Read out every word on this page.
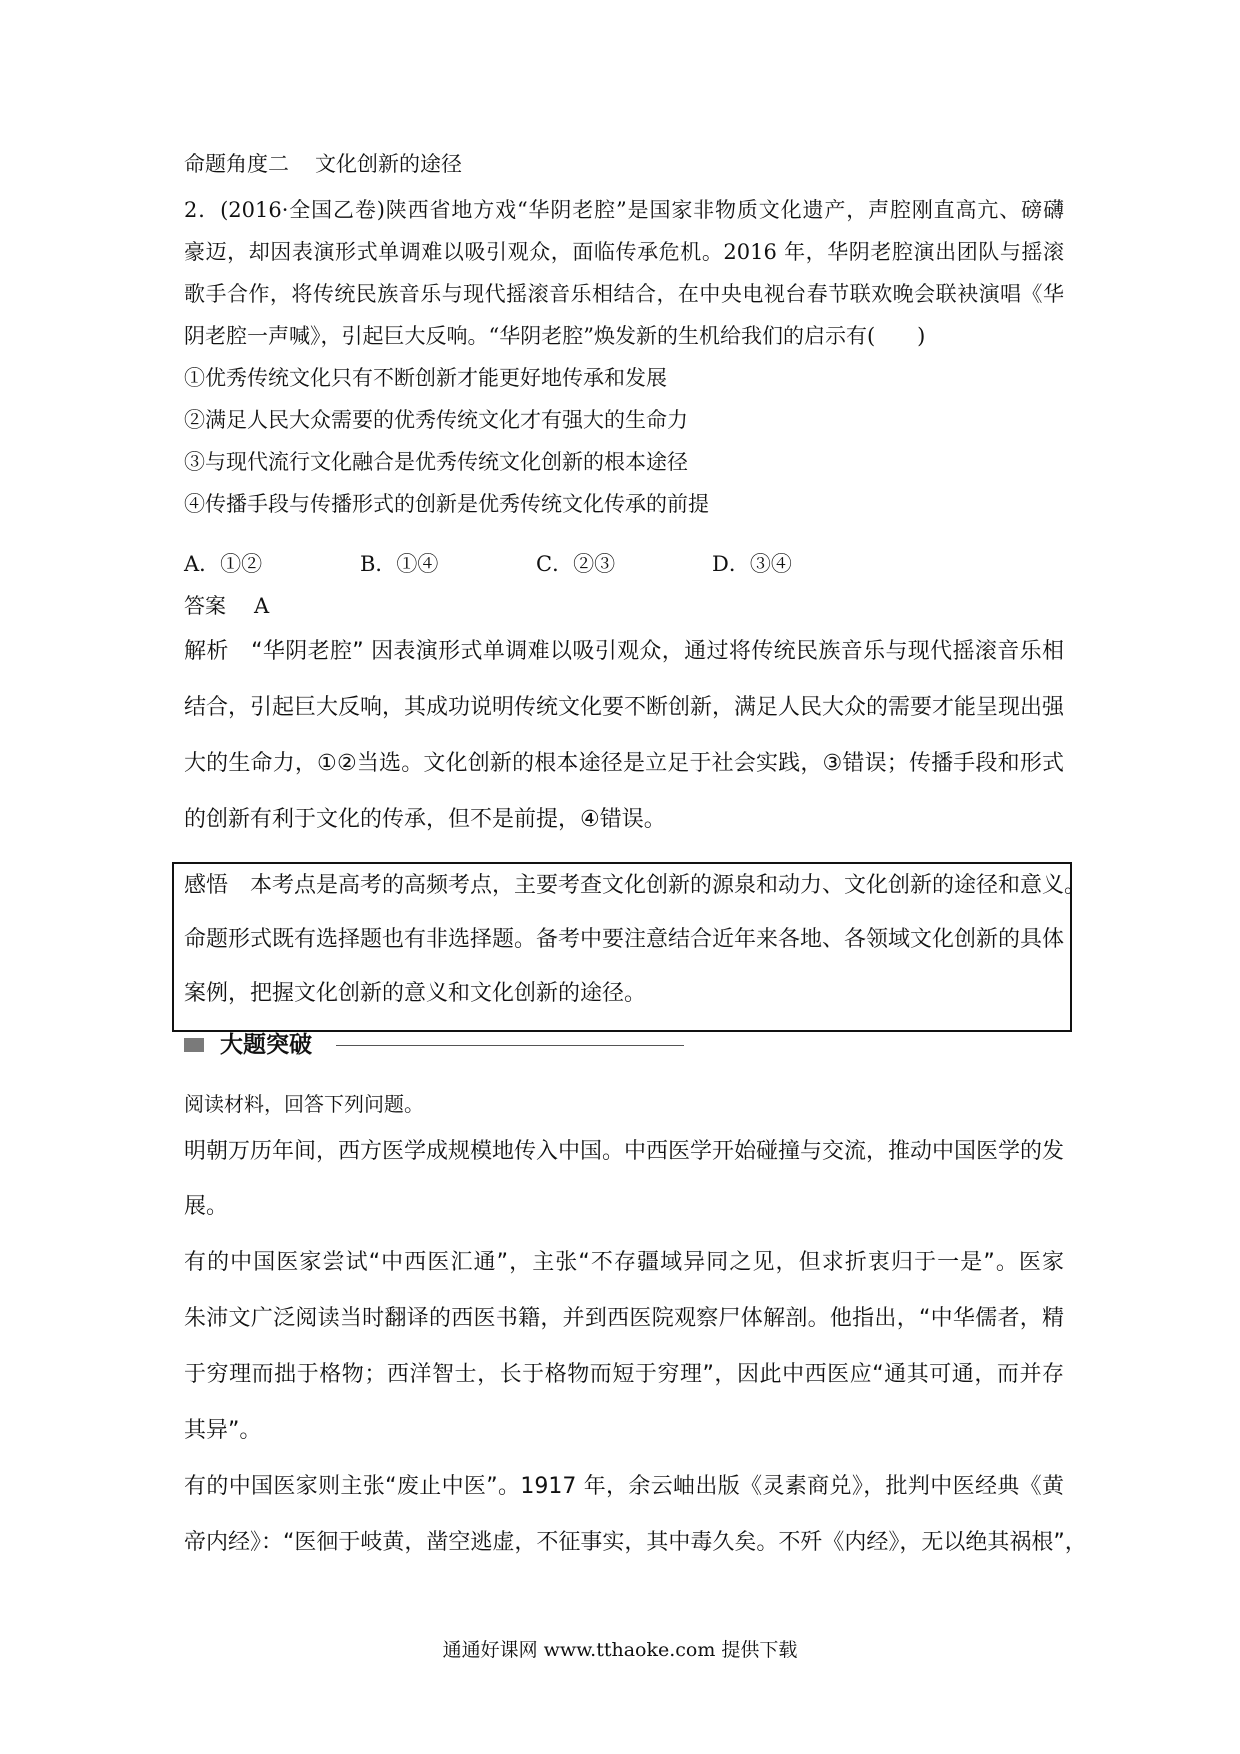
命题角度二 文化创新的途径
2．(2016·全国乙卷)陕西省地方戏“华阴老腔”是国家非物质文化遗产，声腔刚直高亢、磅礴
豪迈，却因表演形式单调难以吸引观众，面临传承危机。2016 年，华阴老腔演出团队与摇滚
歌手合作，将传统民族音乐与现代摇滚音乐相结合，在中央电视台春节联欢晚会联袂演唱《华
阴老腔一声喊》，引起巨大反响。“华阴老腔”焕发新的生机给我们的启示有(　　)
①优秀传统文化只有不断创新才能更好地传承和发展
②满足人民大众需要的优秀传统文化才有强大的生命力
③与现代流行文化融合是优秀传统文化创新的根本途径
④传播手段与传播形式的创新是优秀传统文化传承的前提
A．①②	B．①④	C．②③	D．③④
答案 A
解析　“华阴老腔” 因表演形式单调难以吸引观众，通过将传统民族音乐与现代摇滚音乐相
结合，引起巨大反响，其成功说明传统文化要不断创新，满足人民大众的需要才能呈现出强
大的生命力，①②当选。文化创新的根本途径是立足于社会实践，③错误；传播手段和形式
的创新有利于文化的传承，但不是前提，④错误。
感悟　本考点是高考的高频考点，主要考查文化创新的源泉和动力、文化创新的途径和意义。
命题形式既有选择题也有非选择题。备考中要注意结合近年来各地、各领域文化创新的具体
案例，把握文化创新的意义和文化创新的途径。
大题突破
阅读材料，回答下列问题。
明朝万历年间，西方医学成规模地传入中国。中西医学开始碰撞与交流，推动中国医学的发
展。
有的中国医家尝试“中西医汇通”，主张“不存疆域异同之见，但求折衷归于一是”。医家
朱沛文广泛阅读当时翻译的西医书籍，并到西医院观察尸体解剖。他指出，“中华儒者，精
于穷理而拙于格物；西洋智士，长于格物而短于穷理”，因此中西医应“通其可通，而并存
其异”。
有的中国医家则主张“废止中医”。1917 年，余云岫出版《灵素商兑》，批判中医经典《黄
帝内经》：“医徊于岐黄，凿空逃虚，不征事实，其中毒久矣。不歼《内经》，无以绝其祸根”，
通通好课网 www.tthaoke.com 提供下载
